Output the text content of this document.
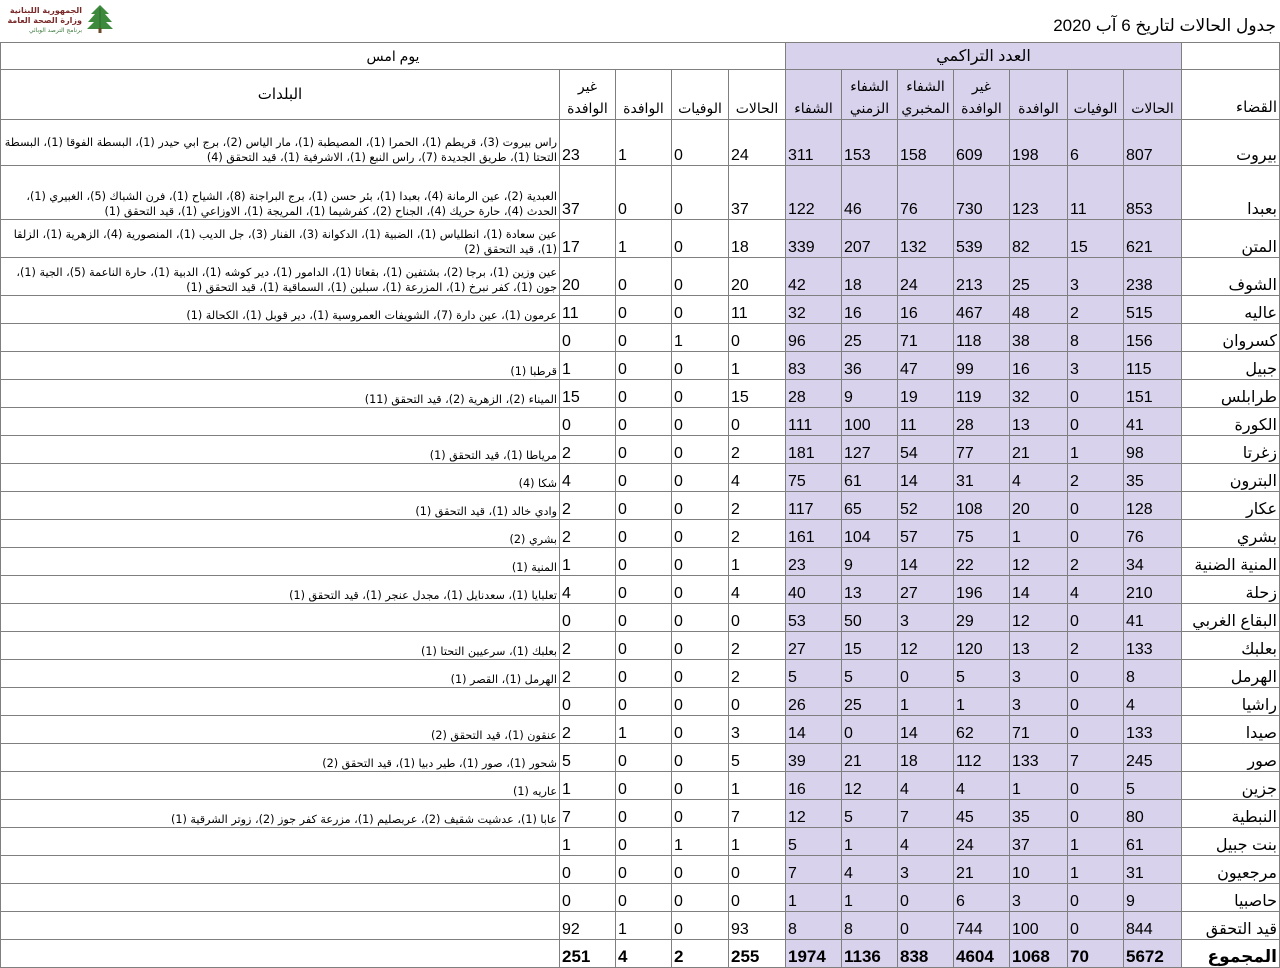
الجمهورية اللبنانية
وزارة الصحة العامة
برنامج الترصد الوبائي	جدول الحالات لتاريخ 6 آب 2020
	العدد التراكمي							يوم امس				
القضاء	الحالات	الوفيات	الوافدة	غير الوافدة	الشفاء المخبري	الشفاء الزمني	الشفاء	الحالات	الوفيات	الوافدة	غير الوافدة	البلدات
بيروت	807	6	198	609	158	153	311	24	0	1	23	راس بيروت (3)، قريطم (1)، الحمرا (1)، المصيطبة (1)، مار الياس (2)، برج ابي حيدر (1)، البسطة الفوقا (1)، البسطة التحتا (1)، طريق الجديدة (7)، راس النبع (1)، الاشرفية (1)، قيد التحقق (4)
بعبدا	853	11	123	730	76	46	122	37	0	0	37	العبدية (2)، عين الرمانة (4)، بعبدا (1)، بئر حسن (1)، برج البراجنة (8)، الشياح (1)، فرن الشباك (5)، الغبيري (1)، الحدث (4)، حارة حريك (4)، الجناح (2)، كفرشيما (1)، المريجة (1)، الاوزاعي (1)، قيد التحقق (1)
المتن	621	15	82	539	132	207	339	18	0	1	17	عين سعادة (1)، انطلياس (1)، الضبية (1)، الدكوانة (3)، الفنار (3)، جل الديب (1)، المنصورية (4)، الزهرية (1)، الزلقا (1)، قيد التحقق (2)
الشوف	238	3	25	213	24	18	42	20	0	0	20	عين وزين (1)، برجا (2)، بشتفين (1)، بقعاتا (1)، الدامور (1)، دير كوشه (1)، الدبية (1)، حارة الناعمة (5)، الجية (1)، جون (1)، كفر نبرخ (1)، المزرعة (1)، سبلين (1)، السماقية (1)، قيد التحقق (1)
عاليه	515	2	48	467	16	16	32	11	0	0	11	عرمون (1)، عين دارة (7)، الشويفات العمروسية (1)، دير قوبل (1)، الكحالة (1)
كسروان	156	8	38	118	71	25	96	0	1	0	0	
جبيل	115	3	16	99	47	36	83	1	0	0	1	قرطبا (1)
طرابلس	151	0	32	119	19	9	28	15	0	0	15	الميناء (2)، الزهرية (2)، قيد التحقق (11)
الكورة	41	0	13	28	11	100	111	0	0	0	0	
زغرتا	98	1	21	77	54	127	181	2	0	0	2	مرياطا (1)، قيد التحقق (1)
البترون	35	2	4	31	14	61	75	4	0	0	4	شكا (4)
عكار	128	0	20	108	52	65	117	2	0	0	2	وادي خالد (1)، قيد التحقق (1)
بشري	76	0	1	75	57	104	161	2	0	0	2	بشري (2)
المنية الضنية	34	2	12	22	14	9	23	1	0	0	1	المنية (1)
زحلة	210	4	14	196	27	13	40	4	0	0	4	تعلبايا (1)، سعدنايل (1)، مجدل عنجر (1)، قيد التحقق (1)
البقاع الغربي	41	0	12	29	3	50	53	0	0	0	0	
بعلبك	133	2	13	120	12	15	27	2	0	0	2	بعلبك (1)، سرعيين التحتا (1)
الهرمل	8	0	3	5	0	5	5	2	0	0	2	الهرمل (1)، القصر (1)
راشيا	4	0	3	1	1	25	26	0	0	0	0	
صيدا	133	0	71	62	14	0	14	3	0	1	2	عنقون (1)، قيد التحقق (2)
صور	245	7	133	112	18	21	39	5	0	0	5	شحور (1)، صور (1)، طير دبيا (1)، قيد التحقق (2)
جزين	5	0	1	4	4	12	16	1	0	0	1	عاريه (1)
النبطية	80	0	35	45	7	5	12	7	0	0	7	عابا (1)، عدشيت شقيف (2)، عربصليم (1)، مزرعة كفر جوز (2)، زوتر الشرقية (1)
بنت جبيل	61	1	37	24	4	1	5	1	1	0	1	
مرجعيون	31	1	10	21	3	4	7	0	0	0	0	
حاصبيا	9	0	3	6	0	1	1	0	0	0	0	
قيد التحقق	844	0	100	744	0	8	8	93	0	1	92	
المجموع	5672	70	1068	4604	838	1136	1974	255	2	4	251	
